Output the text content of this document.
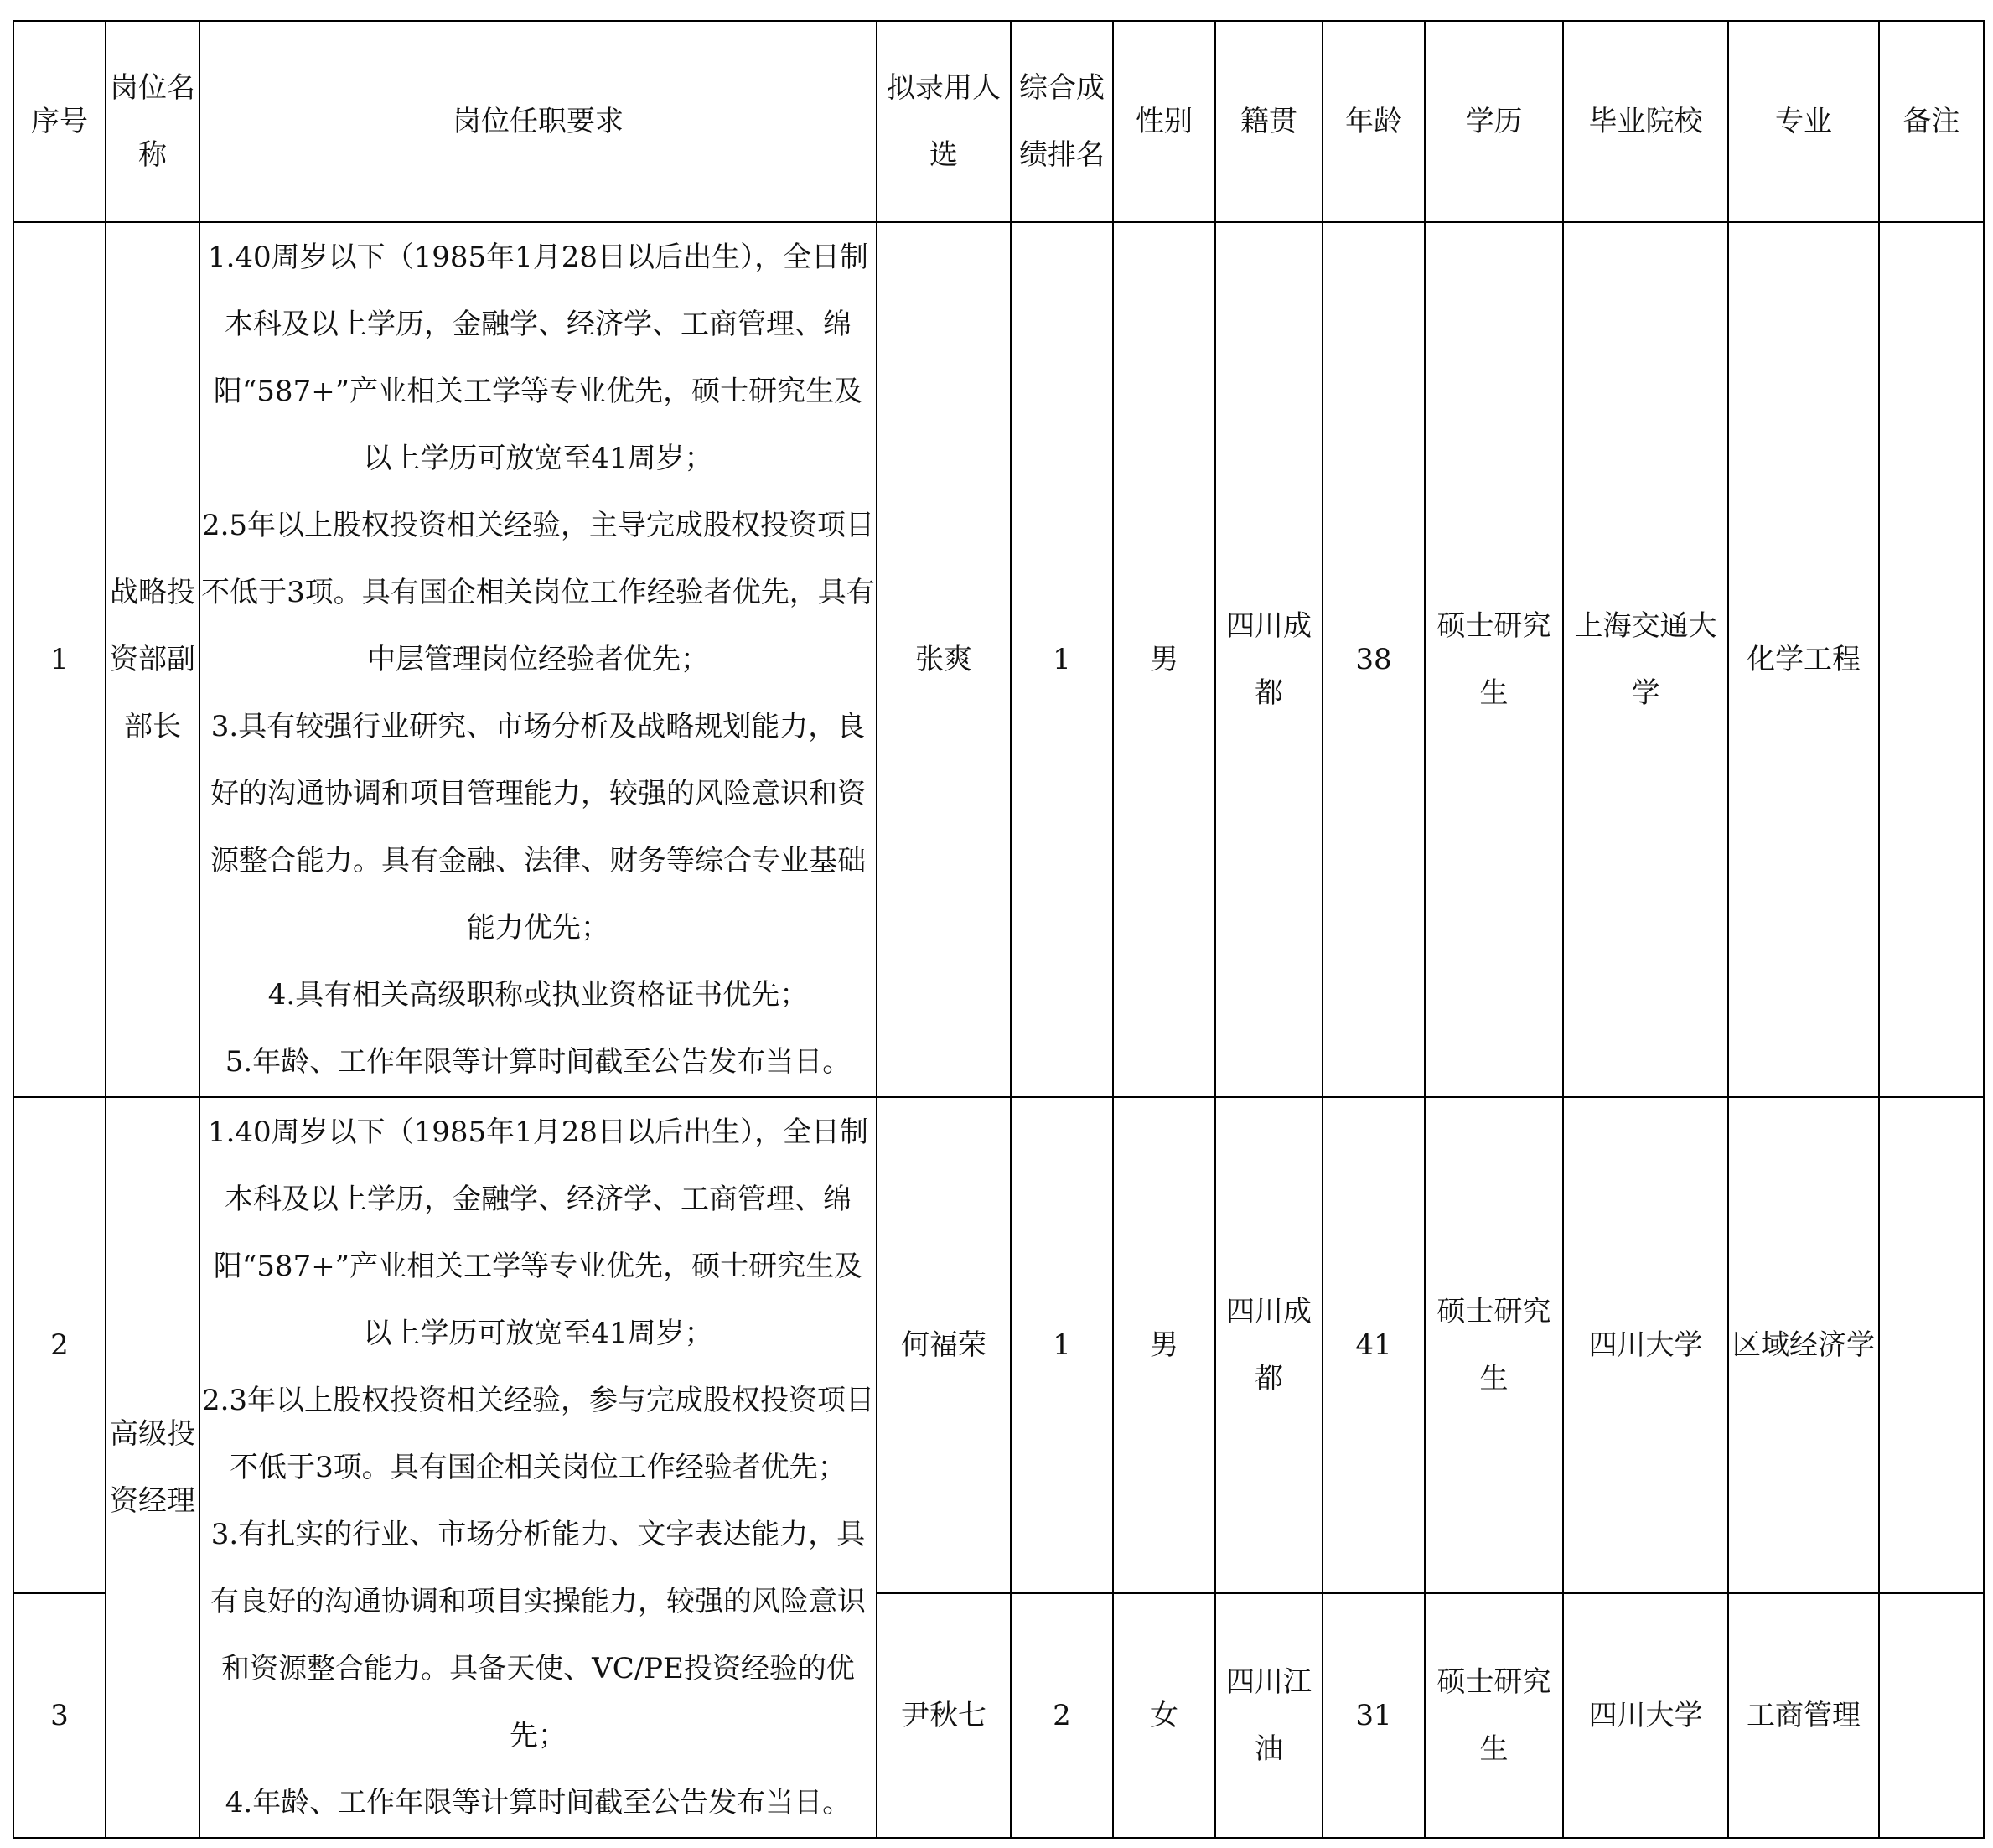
序号	岗位名称	岗位任职要求	拟录用人选	综合成绩排名	性别	籍贯	年龄	学历	毕业院校	专业	备注
1	战略投资部副部长	1.40周岁以下（1985年1月28日以后出生），全日制本科及以上学历，金融学、经济学、工商管理、绵阳“587+”产业相关工学等专业优先，硕士研究生及以上学历可放宽至41周岁；

2.5年以上股权投资相关经验，主导完成股权投资项目不低于3项。具有国企相关岗位工作经验者优先，具有中层管理岗位经验者优先；

3.具有较强行业研究、市场分析及战略规划能力，良好的沟通协调和项目管理能力，较强的风险意识和资源整合能力。具有金融、法律、财务等综合专业基础能力优先；

4.具有相关高级职称或执业资格证书优先；

5.年龄、工作年限等计算时间截至公告发布当日。	张爽	1	男	四川成都	38	硕士研究生	上海交通大学	化学工程	
2	高级投资经理	1.40周岁以下（1985年1月28日以后出生），全日制本科及以上学历，金融学、经济学、工商管理、绵阳“587+”产业相关工学等专业优先，硕士研究生及以上学历可放宽至41周岁；

2.3年以上股权投资相关经验，参与完成股权投资项目不低于3项。具有国企相关岗位工作经验者优先；

3.有扎实的行业、市场分析能力、文字表达能力，具有良好的沟通协调和项目实操能力，较强的风险意识和资源整合能力。具备天使、VC/PE投资经验的优先；

4.年龄、工作年限等计算时间截至公告发布当日。	何福荣	1	男	四川成都	41	硕士研究生	四川大学	区域经济学	
3			尹秋七	2	女	四川江油	31	硕士研究生	四川大学	工商管理	
